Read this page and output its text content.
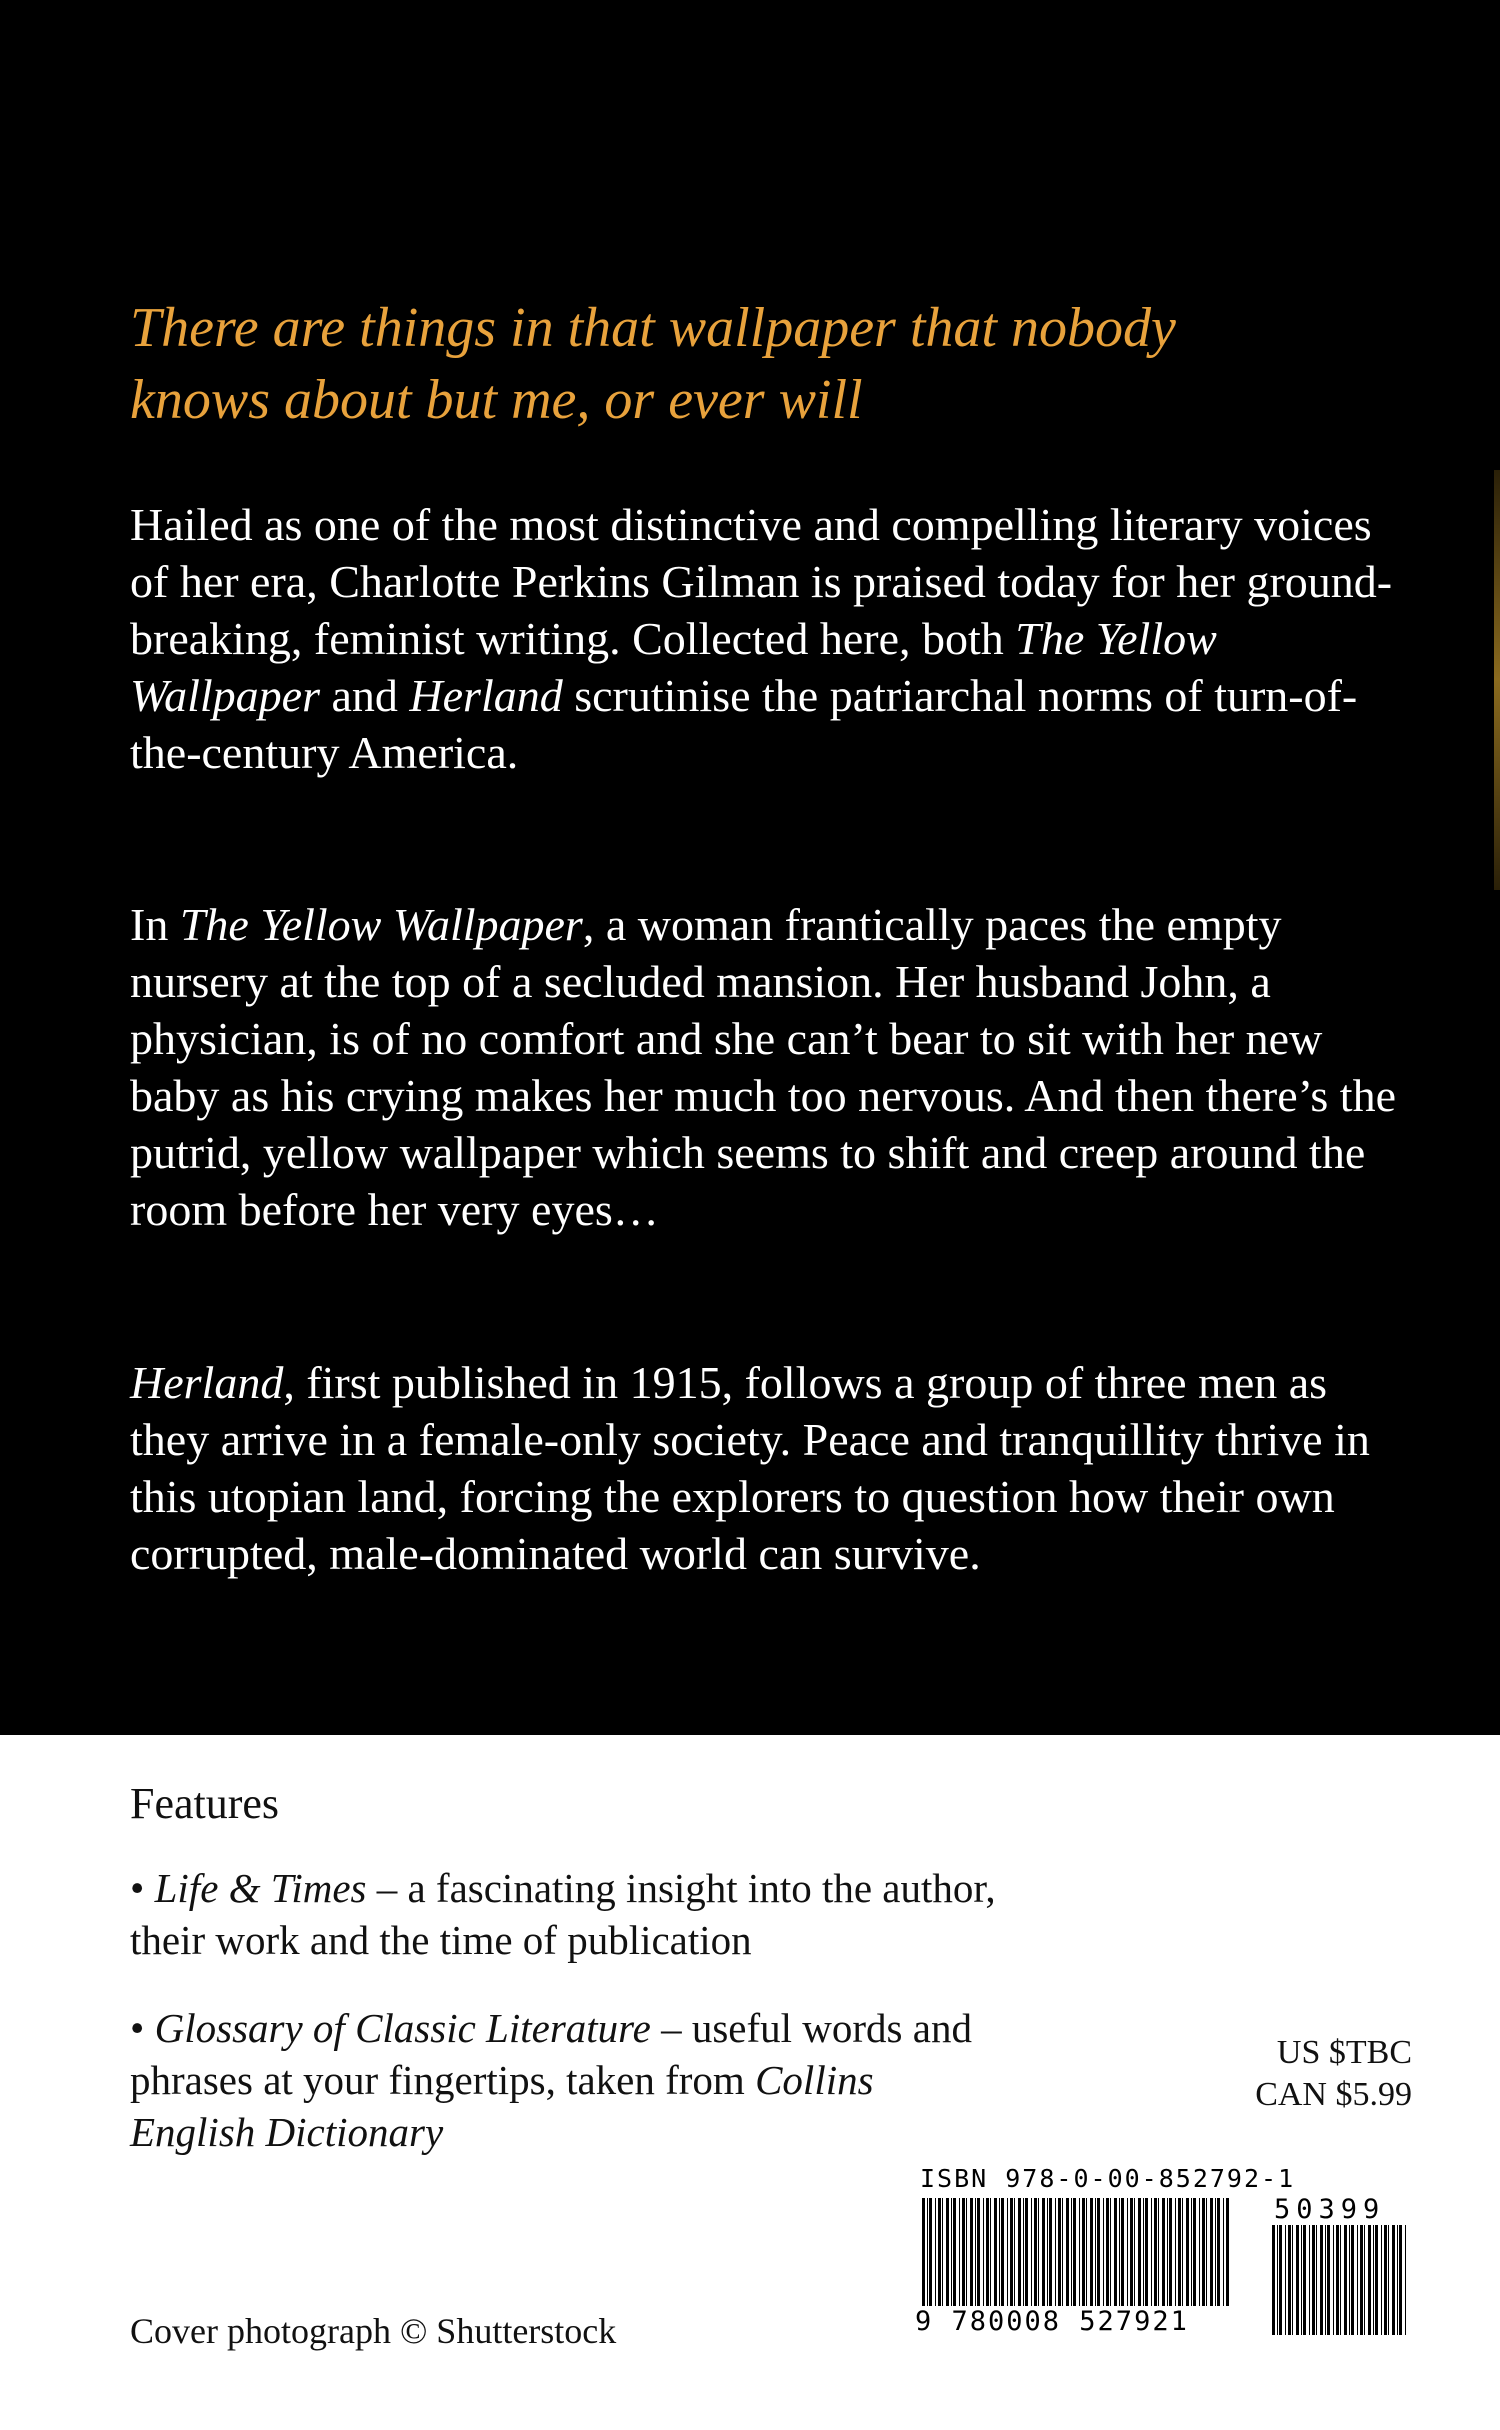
There are things in that wallpaper that nobody
knows about but me, or ever will
Hailed as one of the most distinctive and compelling literary voices of her era, Charlotte Perkins Gilman is praised today for her ground-breaking, feminist writing. Collected here, both The Yellow Wallpaper and Herland scrutinise the patriarchal norms of turn-of-the-century America.
In The Yellow Wallpaper, a woman frantically paces the empty nursery at the top of a secluded mansion. Her husband John, a physician, is of no comfort and she can’t bear to sit with her new baby as his crying makes her much too nervous. And then there’s the putrid, yellow wallpaper which seems to shift and creep around the room before her very eyes…
Herland, first published in 1915, follows a group of three men as they arrive in a female-only society. Peace and tranquillity thrive in this utopian land, forcing the explorers to question how their own corrupted, male-dominated world can survive.
Features
• Life & Times – a fascinating insight into the author, their work and the time of publication
• Glossary of Classic Literature – useful words and phrases at your fingertips, taken from Collins English Dictionary
US $TBC
CAN $5.99
Cover photograph © Shutterstock
ISBN 978-0-00-852792-1
9 780008 527921
50399
